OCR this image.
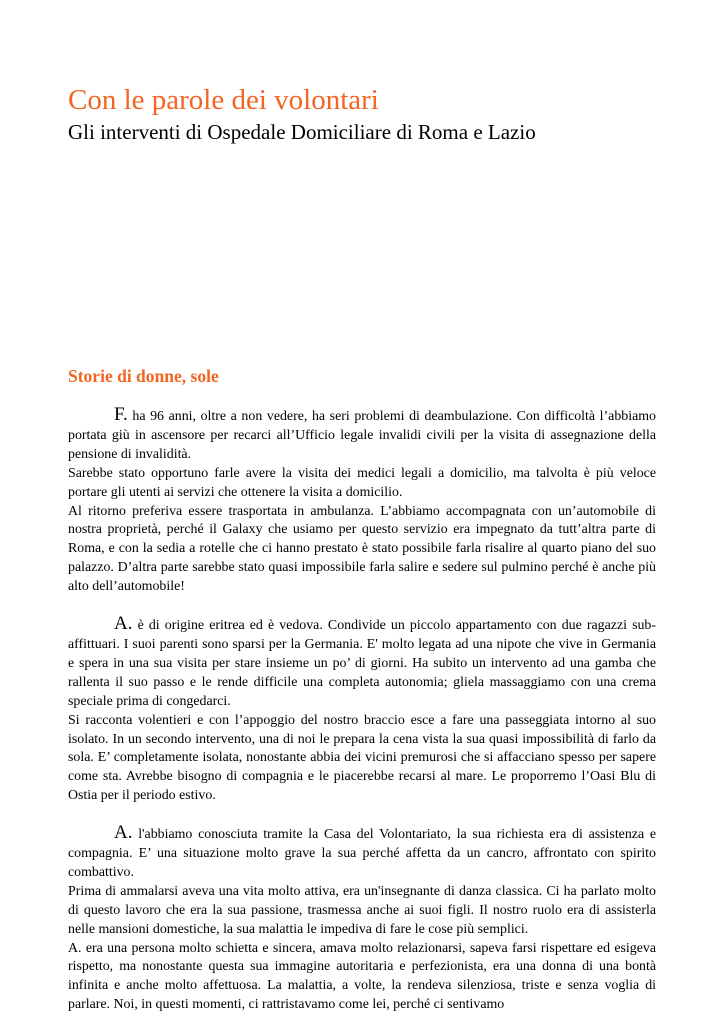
Con le parole dei volontari
Gli interventi di Ospedale Domiciliare di Roma e Lazio
Storie di donne, sole

F. ha 96 anni, oltre a non vedere, ha seri problemi di deambulazione. Con difficoltà l’abbiamo portata giù in ascensore per recarci all’Ufficio legale invalidi civili per la visita di assegnazione della pensione di invalidità.

Sarebbe stato opportuno farle avere la visita dei medici legali a domicilio, ma talvolta è più veloce portare gli utenti ai servizi che ottenere la visita a domicilio.

Al ritorno preferiva essere trasportata in ambulanza. L’abbiamo accompagnata con un’automobile di nostra proprietà, perché il Galaxy che usiamo per questo servizio era impegnato da tutt’altra parte di Roma, e con la sedia a rotelle che ci hanno prestato è stato possibile farla risalire al quarto piano del suo palazzo. D’altra parte sarebbe stato quasi impossibile farla salire e sedere sul pulmino perché è anche più alto dell’automobile!

A. è di origine eritrea ed è vedova. Condivide un piccolo appartamento con due ragazzi sub-affittuari. I suoi parenti sono sparsi per la Germania. E' molto legata ad una nipote che vive in Germania e spera in una sua visita per stare insieme un po’ di giorni. Ha subito un intervento ad una gamba che rallenta il suo passo e le rende difficile una completa autonomia; gliela massaggiamo con una crema speciale prima di congedarci.

Si racconta volentieri e con l’appoggio del nostro braccio esce a fare una passeggiata intorno al suo isolato. In un secondo intervento, una di noi le prepara la cena vista la sua quasi impossibilità di farlo da sola. E’ completamente isolata, nonostante abbia dei vicini premurosi che si affacciano spesso per sapere come sta. Avrebbe bisogno di compagnia e le piacerebbe recarsi al mare. Le proporremo l’Oasi Blu di Ostia per il periodo estivo.

A. l'abbiamo conosciuta tramite la Casa del Volontariato, la sua richiesta era di assistenza e compagnia. E’ una situazione molto grave la sua perché affetta da un cancro, affrontato con spirito combattivo.

Prima di ammalarsi aveva una vita molto attiva, era un'insegnante di danza classica. Ci ha parlato molto di questo lavoro che era la sua passione, trasmessa anche ai suoi figli. Il nostro ruolo era di assisterla nelle mansioni domestiche, la sua malattia le impediva di fare le cose più semplici.

A. era una persona molto schietta e sincera, amava molto relazionarsi, sapeva farsi rispettare ed esigeva rispetto, ma nonostante questa sua immagine autoritaria e perfezionista, era una donna di una bontà infinita e anche molto affettuosa. La malattia, a volte, la rendeva silenziosa, triste e senza voglia di parlare. Noi, in questi momenti, ci rattristavamo come lei, perché ci sentivamo
